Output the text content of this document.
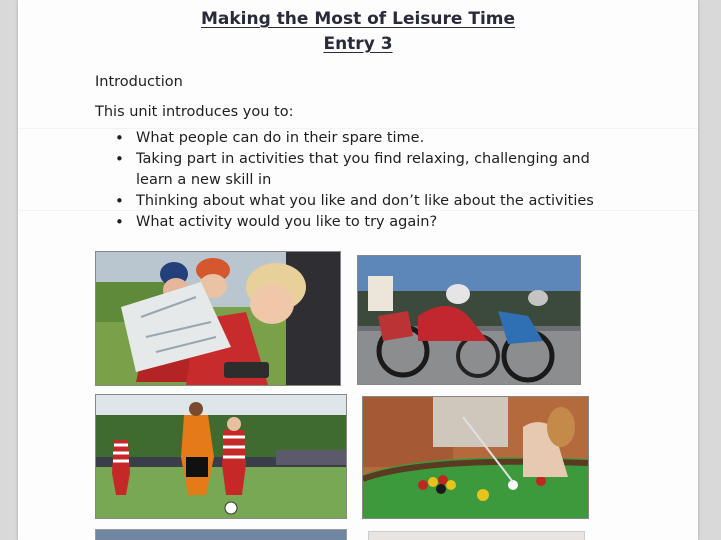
Making the Most of Leisure Time
Entry 3
Introduction
This unit introduces you to:
• What people can do in their spare time.
• Taking part in activities that you find relaxing, challenging and learn a new skill in
• Thinking about what you like and don’t like about the activities
• What activity would you like to try again?
